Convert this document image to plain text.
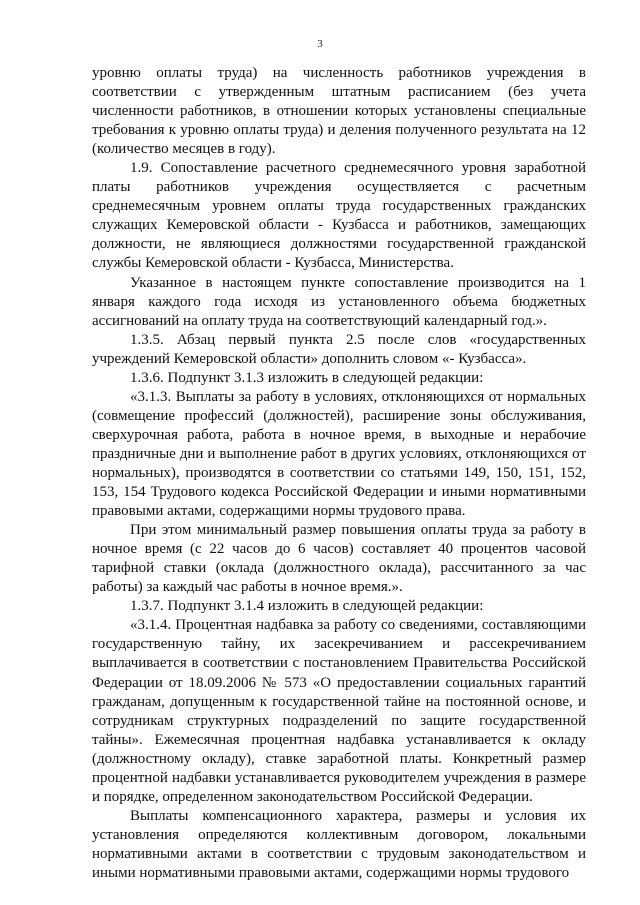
3

уровню оплаты труда) на численность работников учреждения в соответствии с утвержденным штатным расписанием (без учета численности работников, в отношении которых установлены специальные требования к уровню оплаты труда) и деления полученного результата на 12 (количество месяцев в году).

1.9. Сопоставление расчетного среднемесячного уровня заработной платы работников учреждения осуществляется с расчетным среднемесячным уровнем оплаты труда государственных гражданских служащих Кемеровской области - Кузбасса и работников, замещающих должности, не являющиеся должностями государственной гражданской службы Кемеровской области - Кузбасса, Министерства.

Указанное в настоящем пункте сопоставление производится на 1 января каждого года исходя из установленного объема бюджетных ассигнований на оплату труда на соответствующий календарный год.».

1.3.5. Абзац первый пункта 2.5 после слов «государственных учреждений Кемеровской области» дополнить словом «- Кузбасса».

1.3.6. Подпункт 3.1.3 изложить в следующей редакции:

«3.1.3. Выплаты за работу в условиях, отклоняющихся от нормальных (совмещение профессий (должностей), расширение зоны обслуживания, сверхурочная работа, работа в ночное время, в выходные и нерабочие праздничные дни и выполнение работ в других условиях, отклоняющихся от нормальных), производятся в соответствии со статьями 149, 150, 151, 152, 153, 154 Трудового кодекса Российской Федерации и иными нормативными правовыми актами, содержащими нормы трудового права.

При этом минимальный размер повышения оплаты труда за работу в ночное время (с 22 часов до 6 часов) составляет 40 процентов часовой тарифной ставки (оклада (должностного оклада), рассчитанного за час работы) за каждый час работы в ночное время.».

1.3.7. Подпункт 3.1.4 изложить в следующей редакции:

«3.1.4. Процентная надбавка за работу со сведениями, составляющими государственную тайну, их засекречиванием и рассекречиванием выплачивается в соответствии с постановлением Правительства Российской Федерации от 18.09.2006 № 573 «О предоставлении социальных гарантий гражданам, допущенным к государственной тайне на постоянной основе, и сотрудникам структурных подразделений по защите государственной тайны». Ежемесячная процентная надбавка устанавливается к окладу (должностному окладу), ставке заработной платы. Конкретный размер процентной надбавки устанавливается руководителем учреждения в размере и порядке, определенном законодательством Российской Федерации.

Выплаты компенсационного характера, размеры и условия их установления определяются коллективным договором, локальными нормативными актами в соответствии с трудовым законодательством и иными нормативными правовыми актами, содержащими нормы трудового
